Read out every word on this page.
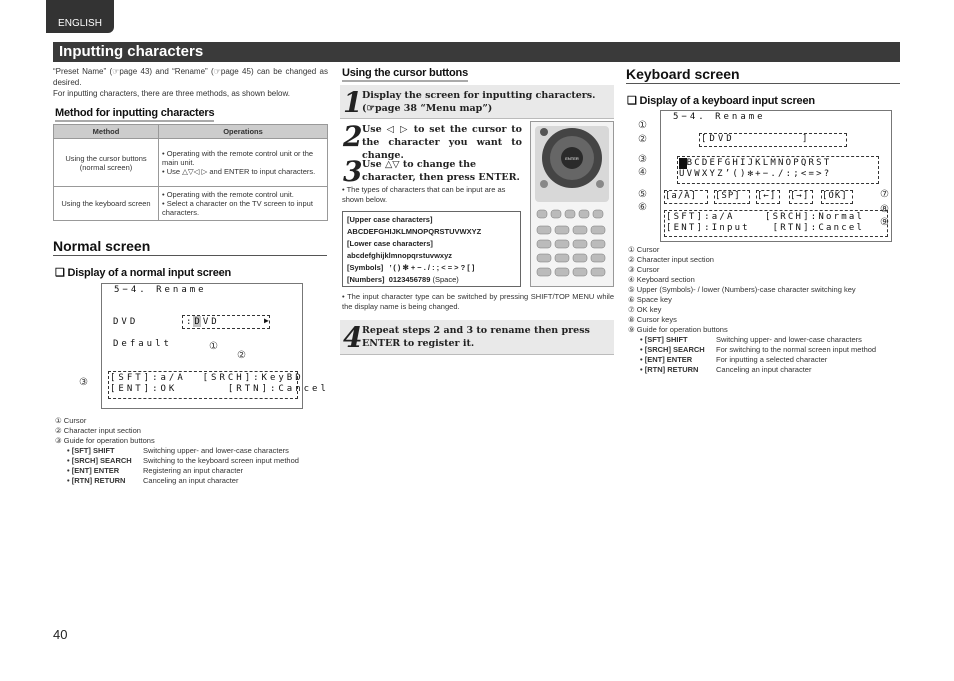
ENGLISH
Inputting characters
“Preset Name” (☞page 43) and “Rename” (☞page 45) can be changed as desired.
For inputting characters, there are three methods, as shown below.
Method for inputting characters
Method	Operations
Using the cursor buttons (normal screen)	• Operating with the remote control unit or the main unit.
• Use △▽◁ ▷ and ENTER to input characters.

Using the keyboard screen	• Operating with the remote control unit.
• Select a character on the TV screen to input characters.
Normal screen
❑ Display of a normal input screen
5−4. Rename
DVD	:DVD	▶
Default
[SFT]:a/A  [SRCH]:KeyBD
[ENT]:OK      [RTN]:Cancel
①
②
③
① Cursor
② Character input section
③ Guide for operation buttons
• [SFT] SHIFT	Switching upper- and lower-case characters
• [SRCH] SEARCH	Switching to the keyboard screen input method
• [ENT] ENTER	Registering an input character
• [RTN] RETURN	Canceling an input character
Using the cursor buttons
1 Display the screen for inputting characters. (☞page 38 “Menu map”)
2 Use ◁ ▷ to set the cursor to the character you want to change.
3 Use △▽ to change the character, then press ENTER.
• The types of characters that can be input are as shown below.
[Upper case characters]
ABCDEFGHIJKLMNOPQRSTUVWXYZ
[Lower case characters]
abcdefghijklmnopqrstuvwxyz
[Symbols] ’ ( ) ✻ + − . / : ; < = > ? [ ]
[Numbers] 0123456789 (Space)
ENTER
• The input character type can be switched by pressing SHIFT/TOP MENU while the display name is being changed.
4 Repeat steps 2 and 3 to rename then press ENTER to register it.
Keyboard screen
❑ Display of a keyboard input screen
5−4. Rename
[DVD        ]
ABCDEFGHIJKLMNOPQRST
UVWXYZ’()✻+−./:;<=>?
[a/A] [SP] [←] [→] [OK]
[SFT]:a/A    [SRCH]:Normal
[ENT]:Input   [RTN]:Cancel
①
②
③
④
⑤
⑥
⑦
⑧
⑨
① Cursor
② Character input section
③ Cursor
④ Keyboard section
⑤ Upper (Symbols)- / lower (Numbers)-case character switching key
⑥ Space key
⑦ OK key
⑧ Cursor keys
⑨ Guide for operation buttons
• [SFT] SHIFT	Switching upper- and lower-case characters
• [SRCH] SEARCH	For switching to the normal screen input method
• [ENT] ENTER	For inputting a selected character
• [RTN] RETURN	Canceling an input character
40
